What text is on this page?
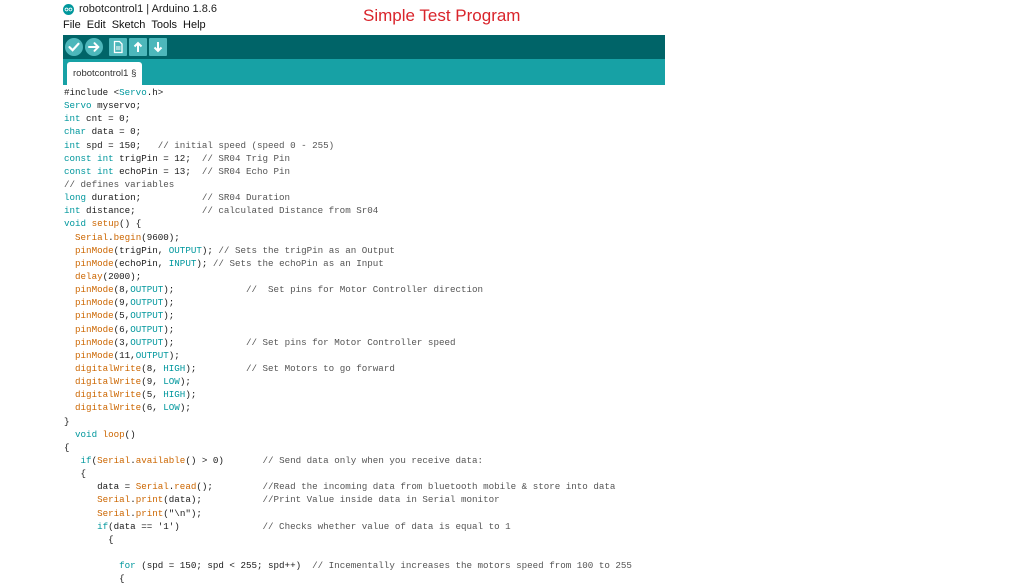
robotcontrol1 | Arduino 1.8.6
File Edit Sketch Tools Help	Simple Test Program
robotcontrol1 §
#include <Servo.h>
Servo myservo;
int cnt = 0;
char data = 0;
int spd = 150;   // initial speed (speed 0 - 255)
const int trigPin = 12;  // SR04 Trig Pin
const int echoPin = 13;  // SR04 Echo Pin
// defines variables
long duration;           // SR04 Duration
int distance;            // calculated Distance from Sr04
void setup() {
Serial.begin(9600);
pinMode(trigPin, OUTPUT); // Sets the trigPin as an Output
pinMode(echoPin, INPUT); // Sets the echoPin as an Input
delay(2000);
pinMode(8,OUTPUT);             //  Set pins for Motor Controller direction
pinMode(9,OUTPUT);
pinMode(5,OUTPUT);
pinMode(6,OUTPUT);
pinMode(3,OUTPUT);             // Set pins for Motor Controller speed
pinMode(11,OUTPUT);
digitalWrite(8, HIGH);         // Set Motors to go forward
digitalWrite(9, LOW);
digitalWrite(5, HIGH);
digitalWrite(6, LOW);
}
void loop()
{
if(Serial.available() > 0)       // Send data only when you receive data:
{
data = Serial.read();         //Read the incoming data from bluetooth mobile & store into data
Serial.print(data);           //Print Value inside data in Serial monitor
Serial.print("\n");
if(data == '1')               // Checks whether value of data is equal to 1
{
for (spd = 150; spd < 255; spd++)  // Incementally increases the motors speed from 100 to 255
{
